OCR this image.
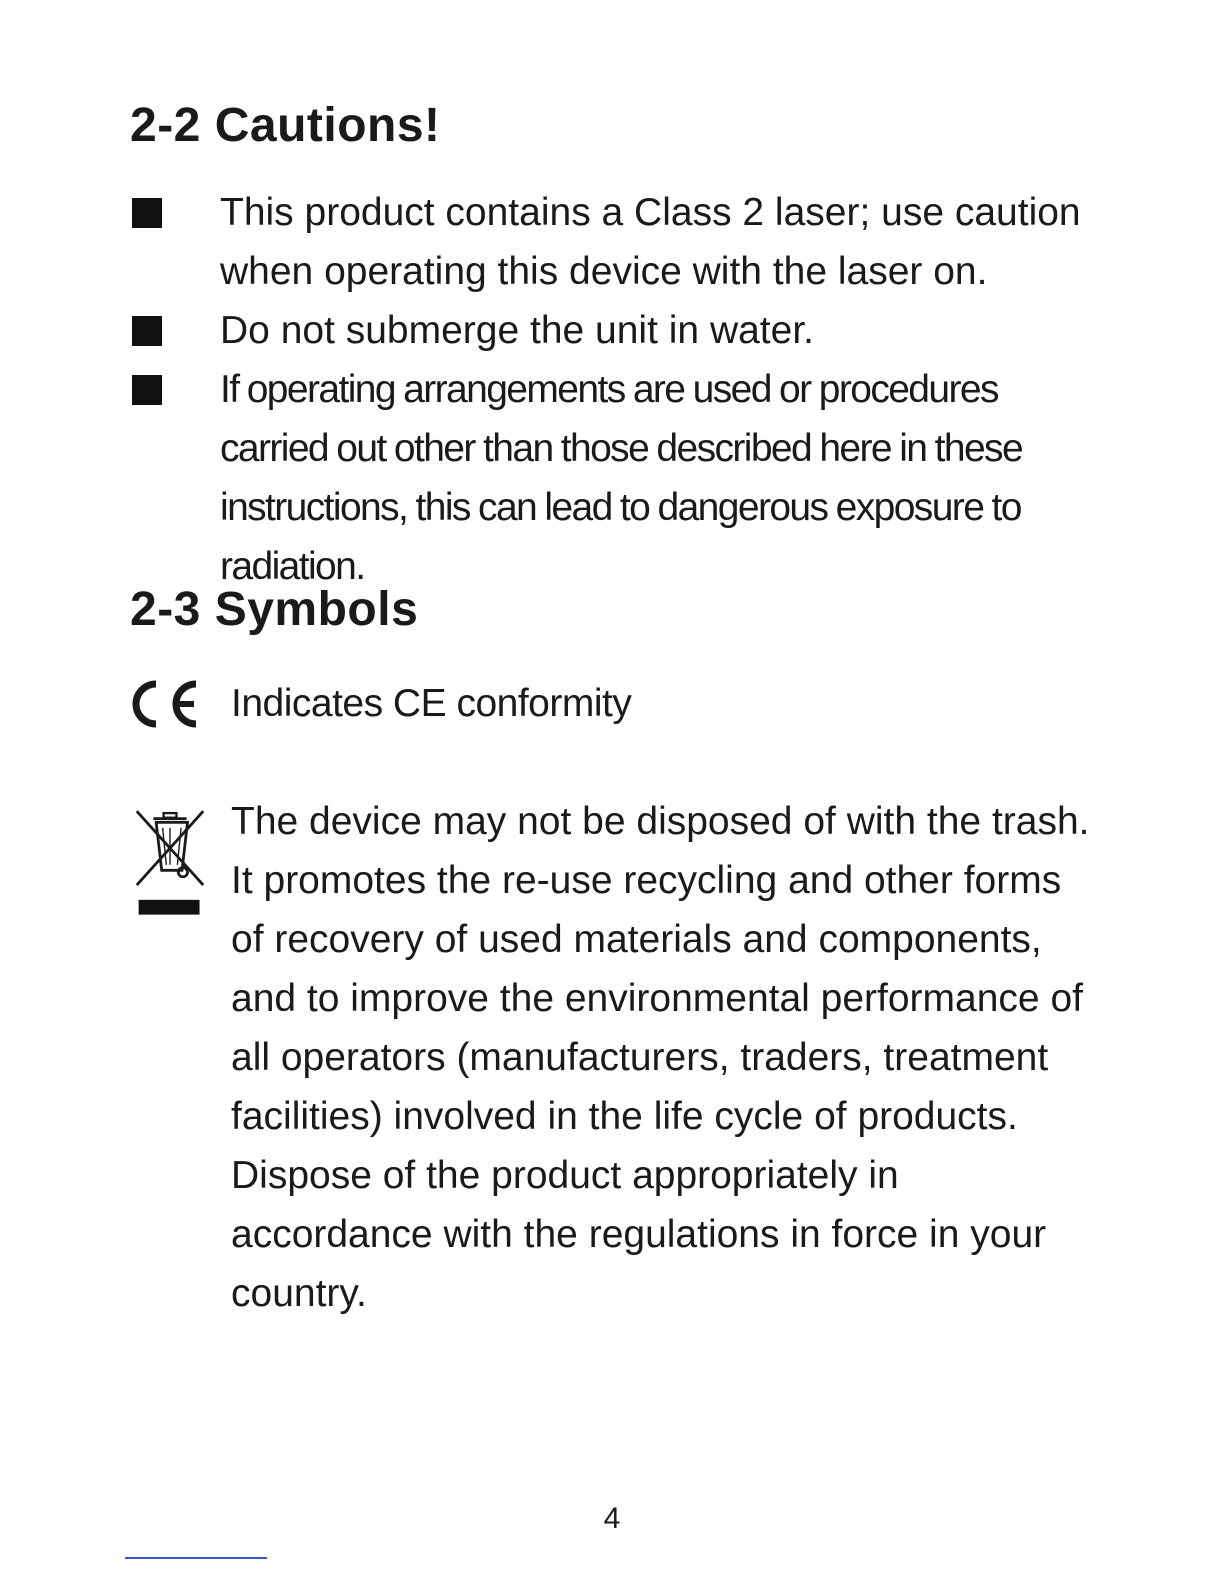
2-2 Cautions!
This product contains a Class 2 laser; use caution when operating this device with the laser on.
Do not submerge the unit in water.
If operating arrangements are used or procedures carried out other than those described here in these instructions, this can lead to dangerous exposure to radiation.
2-3 Symbols
Indicates CE conformity

The device may not be disposed of with the trash. It promotes the re-use recycling and other forms of recovery of used materials and components, and to improve the environmental performance of all operators (manufacturers, traders, treatment facilities) involved in the life cycle of products.

Dispose of the product appropriately in accordance with the regulations in force in your country.

4
